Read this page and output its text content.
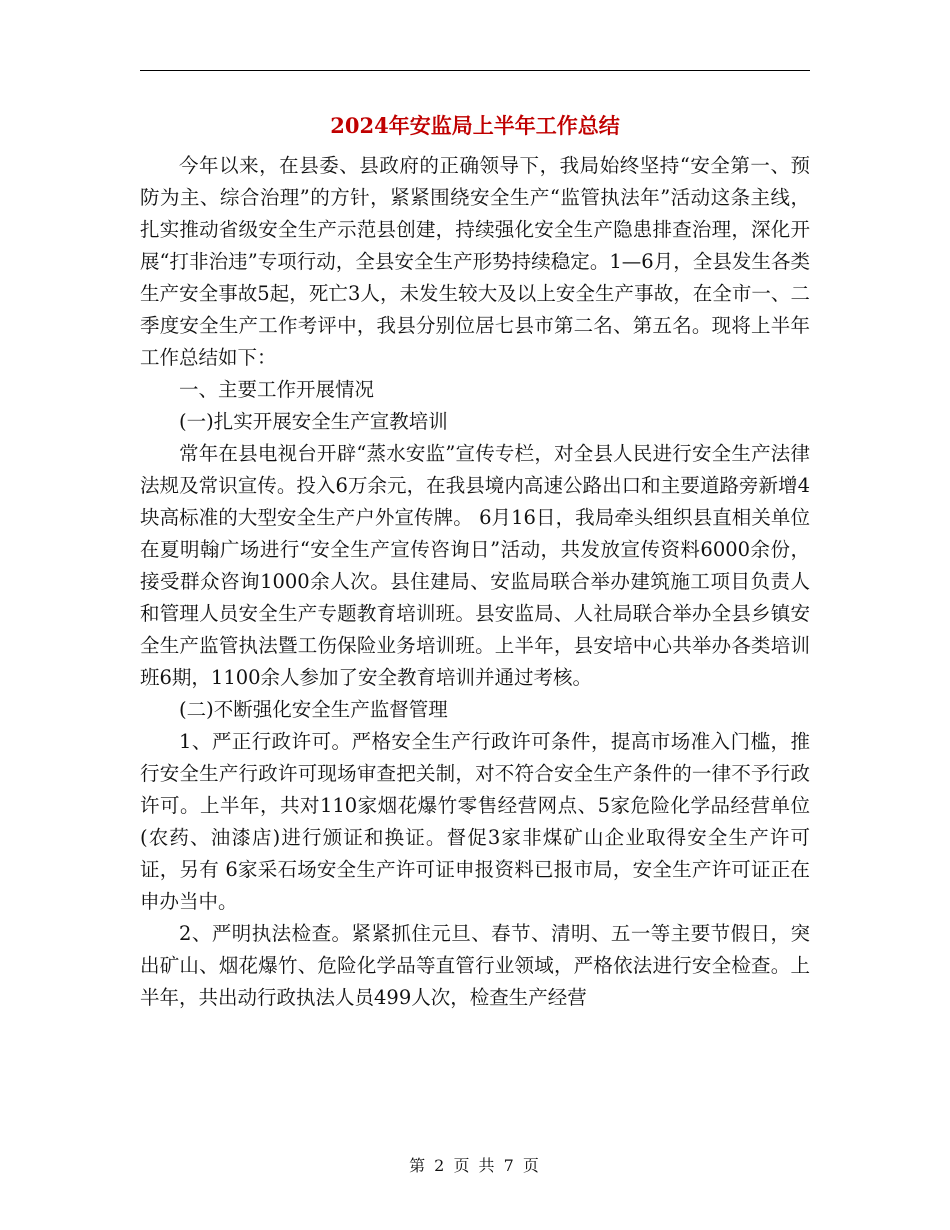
2024年安监局上半年工作总结

今年以来，在县委、县政府的正确领导下，我局始终坚持“安全第一、预防为主、综合治理”的方针，紧紧围绕安全生产“监管执法年”活动这条主线，扎实推动省级安全生产示范县创建，持续强化安全生产隐患排查治理，深化开展“打非治违”专项行动，全县安全生产形势持续稳定。1—6月，全县发生各类生产安全事故5起，死亡3人，未发生较大及以上安全生产事故，在全市一、二季度安全生产工作考评中，我县分别位居七县市第二名、第五名。现将上半年工作总结如下：

一、主要工作开展情况

(一)扎实开展安全生产宣教培训

常年在县电视台开辟“蒸水安监”宣传专栏，对全县人民进行安全生产法律法规及常识宣传。投入6万余元，在我县境内高速公路出口和主要道路旁新增4块高标准的大型安全生产户外宣传牌。 6月16日，我局牵头组织县直相关单位在夏明翰广场进行“安全生产宣传咨询日”活动，共发放宣传资料6000余份，接受群众咨询1000余人次。县住建局、安监局联合举办建筑施工项目负责人和管理人员安全生产专题教育培训班。县安监局、人社局联合举办全县乡镇安全生产监管执法暨工伤保险业务培训班。上半年，县安培中心共举办各类培训班6期，1100余人参加了安全教育培训并通过考核。

(二)不断强化安全生产监督管理

1、严正行政许可。严格安全生产行政许可条件，提高市场准入门槛，推行安全生产行政许可现场审查把关制，对不符合安全生产条件的一律不予行政许可。上半年，共对110家烟花爆竹零售经营网点、5家危险化学品经营单位(农药、油漆店)进行颁证和换证。督促3家非煤矿山企业取得安全生产许可证，另有 6家采石场安全生产许可证申报资料已报市局，安全生产许可证正在申办当中。

2、严明执法检查。紧紧抓住元旦、春节、清明、五一等主要节假日，突出矿山、烟花爆竹、危险化学品等直管行业领域，严格依法进行安全检查。上半年，共出动行政执法人员499人次，检查生产经营

第 2 页 共 7 页
